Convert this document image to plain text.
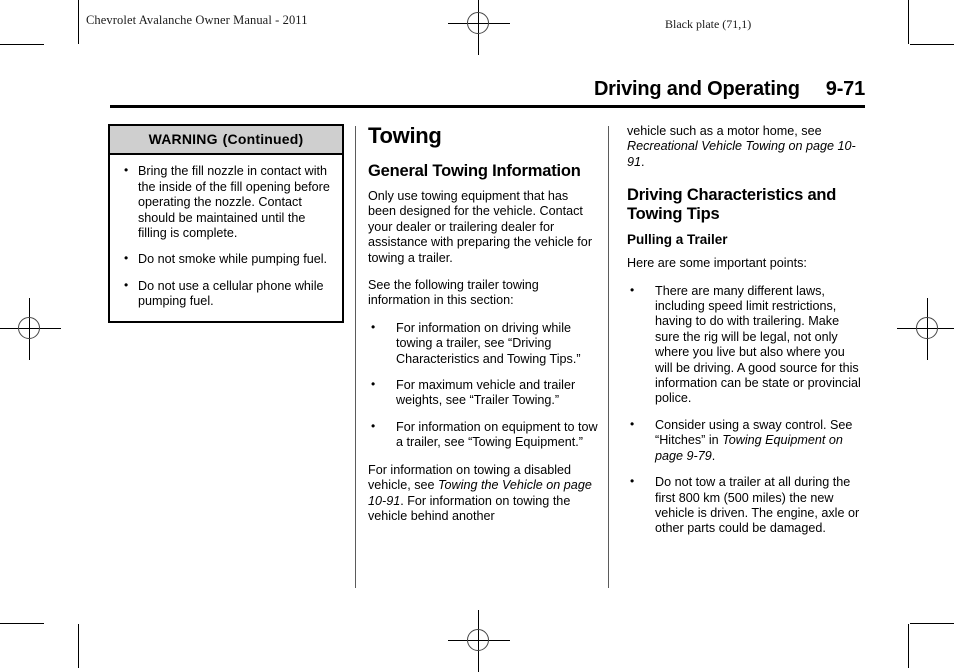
Chevrolet Avalanche Owner Manual - 2011	Black plate (71,1)
Driving and Operating 9-71
WARNING (Continued)
• Bring the fill nozzle in contact with the inside of the fill opening before operating the nozzle. Contact should be maintained until the filling is complete.
• Do not smoke while pumping fuel.
• Do not use a cellular phone while pumping fuel.
Towing
General Towing Information

Only use towing equipment that has been designed for the vehicle. Contact your dealer or trailering dealer for assistance with preparing the vehicle for towing a trailer.

See the following trailer towing information in this section:

• For information on driving while towing a trailer, see “Driving Characteristics and Towing Tips.”
• For maximum vehicle and trailer weights, see “Trailer Towing.”
• For information on equipment to tow a trailer, see “Towing Equipment.”

For information on towing a disabled vehicle, see Towing the Vehicle on page 10-91. For information on towing the vehicle behind another

vehicle such as a motor home, see Recreational Vehicle Towing on page 10-91.

Driving Characteristics and Towing Tips
Pulling a Trailer

Here are some important points:

• There are many different laws, including speed limit restrictions, having to do with trailering. Make sure the rig will be legal, not only where you live but also where you will be driving. A good source for this information can be state or provincial police.
• Consider using a sway control. See “Hitches” in Towing Equipment on page 9-79.
• Do not tow a trailer at all during the first 800 km (500 miles) the new vehicle is driven. The engine, axle or other parts could be damaged.
